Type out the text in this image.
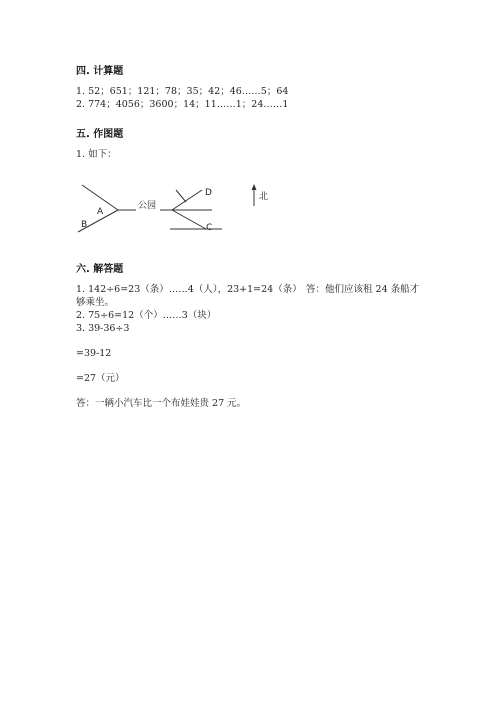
四. 计算题
1. 52；651；121；78；35；42；46……5；64
2. 774；4056；3600；14；11……1；24……1
五. 作图题
1. 如下：
A
B
公园
D
C
北
六. 解答题
1. 142÷6=23（条）……4（人），23+1=24（条） 答：他们应该租 24 条船才
够乘坐。
2. 75÷6=12（个）……3（块）
3. 39-36÷3
=39-12
=27（元）
答：一辆小汽车比一个布娃娃贵 27 元。
